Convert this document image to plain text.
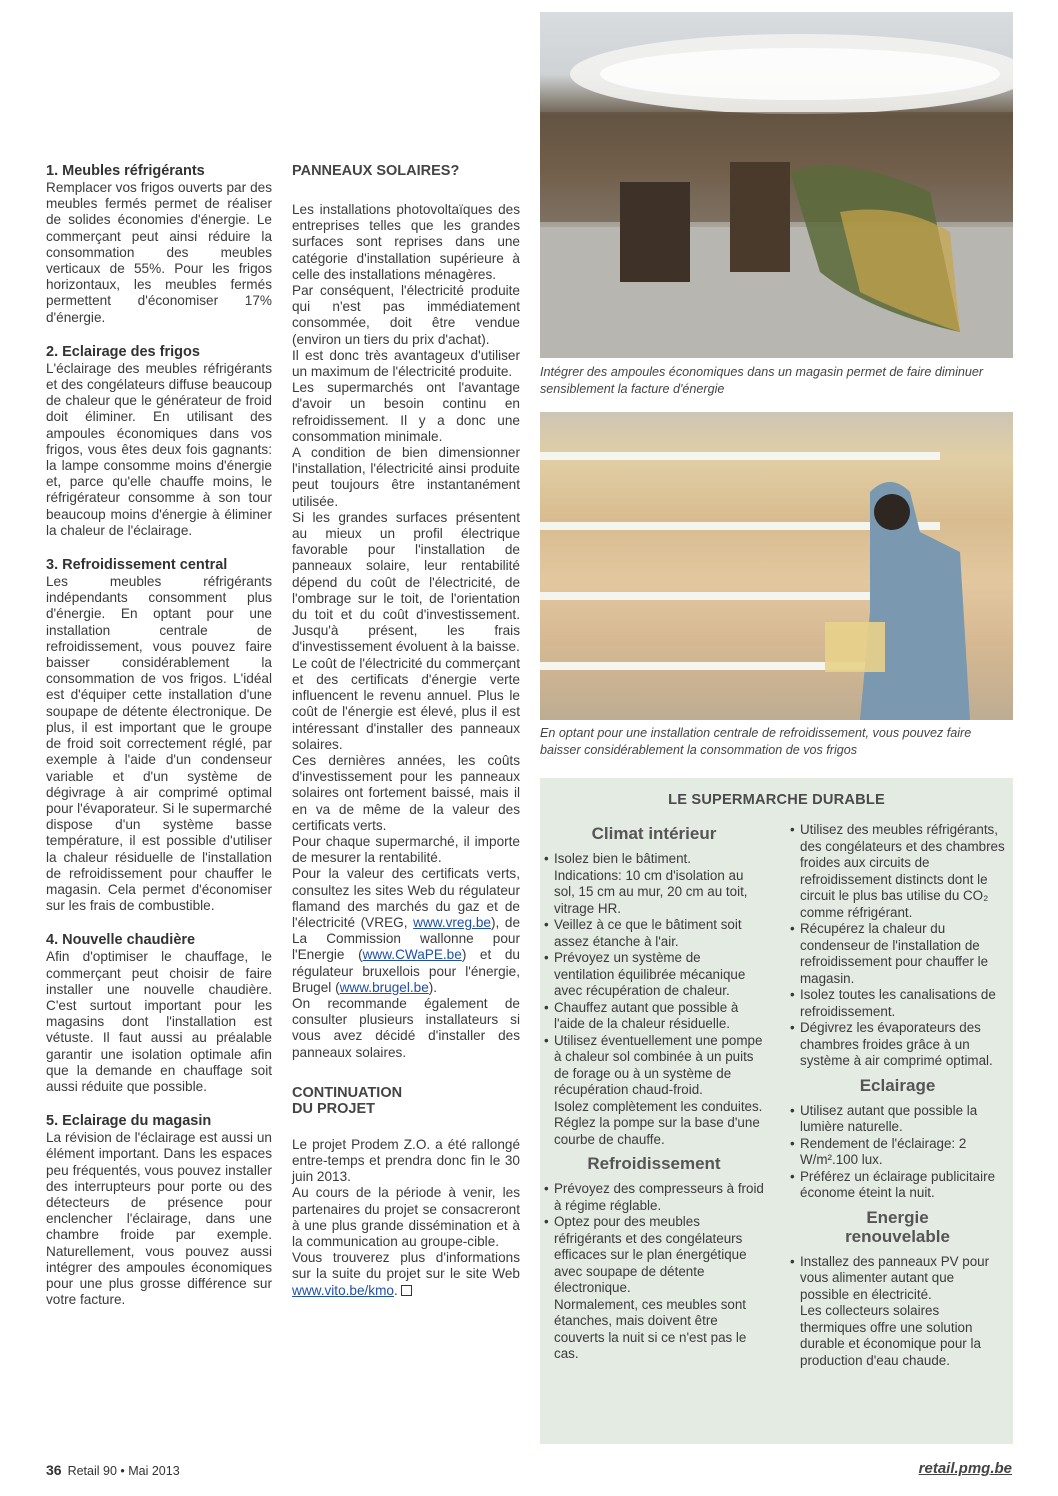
1. Meubles réfrigérants

Remplacer vos frigos ouverts par des meubles fermés permet de réaliser de solides économies d'énergie. Le commerçant peut ainsi réduire la consommation des meubles verticaux de 55%. Pour les frigos horizontaux, les meubles fermés permettent d'économiser 17% d'énergie.

2. Eclairage des frigos

L'éclairage des meubles réfrigérants et des congélateurs diffuse beaucoup de chaleur que le générateur de froid doit éliminer. En utilisant des ampoules économiques dans vos frigos, vous êtes deux fois gagnants: la lampe consomme moins d'énergie et, parce qu'elle chauffe moins, le réfrigérateur consomme à son tour beaucoup moins d'énergie à éliminer la chaleur de l'éclairage.

3. Refroidissement central

Les meubles réfrigérants indépendants consomment plus d'énergie. En optant pour une installation centrale de refroidissement, vous pouvez faire baisser considérablement la consommation de vos frigos. L'idéal est d'équiper cette installation d'une soupape de détente électronique. De plus, il est important que le groupe de froid soit correctement réglé, par exemple à l'aide d'un condenseur variable et d'un système de dégivrage à air comprimé optimal pour l'évaporateur. Si le supermarché dispose d'un système basse température, il est possible d'utiliser la chaleur résiduelle de l'installation de refroidissement pour chauffer le magasin. Cela permet d'économiser sur les frais de combustible.

4. Nouvelle chaudière

Afin d'optimiser le chauffage, le commerçant peut choisir de faire installer une nouvelle chaudière. C'est surtout important pour les magasins dont l'installation est vétuste. Il faut aussi au préalable garantir une isolation optimale afin que la demande en chauffage soit aussi réduite que possible.

5. Eclairage du magasin

La révision de l'éclairage est aussi un élément important. Dans les espaces peu fréquentés, vous pouvez installer des interrupteurs pour porte ou des détecteurs de présence pour enclencher l'éclairage, dans une chambre froide par exemple. Naturellement, vous pouvez aussi intégrer des ampoules économiques pour une plus grosse différence sur votre facture.

PANNEAUX SOLAIRES?

Les installations photovoltaïques des entreprises telles que les grandes surfaces sont reprises dans une catégorie d'installation supérieure à celle des installations ménagères.

Par conséquent, l'électricité produite qui n'est pas immédiatement consommée, doit être vendue (environ un tiers du prix d'achat).

Il est donc très avantageux d'utiliser un maximum de l'électricité produite.

Les supermarchés ont l'avantage d'avoir un besoin continu en refroidissement. Il y a donc une consommation minimale.

A condition de bien dimensionner l'installation, l'électricité ainsi produite peut toujours être instantanément utilisée.

Si les grandes surfaces présentent au mieux un profil électrique favorable pour l'installation de panneaux solaire, leur rentabilité dépend du coût de l'électricité, de l'ombrage sur le toit, de l'orientation du toit et du coût d'investissement. Jusqu'à présent, les frais d'investissement évoluent à la baisse.

Le coût de l'électricité du commerçant et des certificats d'énergie verte influencent le revenu annuel. Plus le coût de l'énergie est élevé, plus il est intéressant d'installer des panneaux solaires.

Ces dernières années, les coûts d'investissement pour les panneaux solaires ont fortement baissé, mais il en va de même de la valeur des certificats verts.

Pour chaque supermarché, il importe de mesurer la rentabilité.

Pour la valeur des certificats verts, consultez les sites Web du régulateur flamand des marchés du gaz et de l'électricité (VREG, www.vreg.be), de La Commission wallonne pour l'Energie (www.CWaPE.be) et du régulateur bruxellois pour l'énergie, Brugel (www.brugel.be).

On recommande également de consulter plusieurs installateurs si vous avez décidé d'installer des panneaux solaires.

CONTINUATION
DU PROJET

Le projet Prodem Z.O. a été rallongé entre-temps et prendra donc fin le 30 juin 2013.

Au cours de la période à venir, les partenaires du projet se consacreront à une plus grande dissémination et à la communication au groupe-cible.

Vous trouverez plus d'informations sur la suite du projet sur le site Web www.vito.be/kmo.

Intégrer des ampoules économiques dans un magasin permet de faire diminuer sensiblement la facture d'énergie
En optant pour une installation centrale de refroidissement, vous pouvez faire baisser considérablement la consommation de vos frigos
LE SUPERMARCHE DURABLE
Climat intérieur
• Isolez bien le bâtiment.
Indications: 10 cm d'isolation au sol, 15 cm au mur, 20 cm au toit, vitrage HR.
• Veillez à ce que le bâtiment soit assez étanche à l'air.
• Prévoyez un système de ventilation équilibrée mécanique avec récupération de chaleur.
• Chauffez autant que possible à l'aide de la chaleur résiduelle.
• Utilisez éventuellement une pompe à chaleur sol combinée à un puits de forage ou à un système de récupération chaud-froid.
Isolez complètement les conduites. Réglez la pompe sur la base d'une courbe de chauffe.
Refroidissement
• Prévoyez des compresseurs à froid à régime réglable.
• Optez pour des meubles réfrigérants et des congélateurs efficaces sur le plan énergétique avec soupape de détente électronique.
Normalement, ces meubles sont étanches, mais doivent être couverts la nuit si ce n'est pas le cas.
• Utilisez des meubles réfrigérants, des congélateurs et des chambres froides aux circuits de refroidissement distincts dont le circuit le plus bas utilise du CO₂ comme réfrigérant.
• Récupérez la chaleur du condenseur de l'installation de refroidissement pour chauffer le magasin.
• Isolez toutes les canalisations de refroidissement.
• Dégivrez les évaporateurs des chambres froides grâce à un système à air comprimé optimal.
Eclairage
• Utilisez autant que possible la lumière naturelle.
• Rendement de l'éclairage: 2 W/m².100 lux.
• Préférez un éclairage publicitaire économe éteint la nuit.
Energie
renouvelable
• Installez des panneaux PV pour vous alimenter autant que possible en électricité.
Les collecteurs solaires thermiques offre une solution durable et économique pour la production d'eau chaude.
36 Retail 90 • Mai 2013	retail.pmg.be
